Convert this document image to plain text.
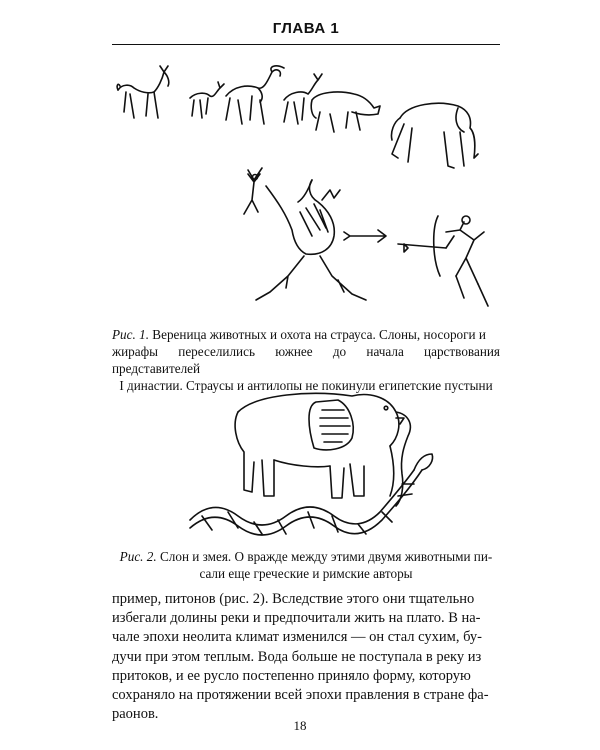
ГЛАВА 1
Рис. 1. Вереница животных и охота на страуса. Слоны, носороги и
жирафы переселились южнее до начала царствования представителей
I династии. Страусы и антилопы не покинули египетские пустыни
Рис. 2. Слон и змея. О вражде между этими двумя животными пи-
сали еще греческие и римские авторы
пример, питонов (рис. 2). Вследствие этого они тщательно
избегали долины реки и предпочитали жить на плато. В на-
чале эпохи неолита климат изменился — он стал сухим, бу-
дучи при этом теплым. Вода больше не поступала в реку из
притоков, и ее русло постепенно приняло форму, которую
сохраняло на протяжении всей эпохи правления в стране фа-
раонов.
18
